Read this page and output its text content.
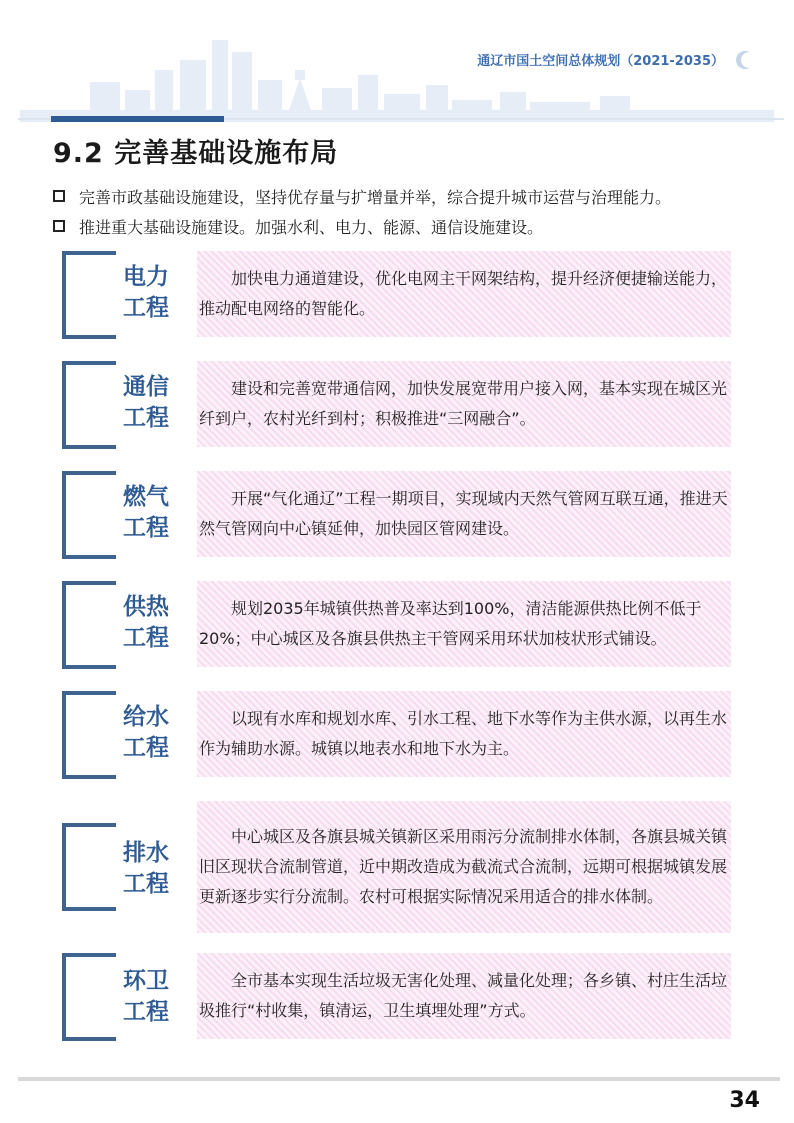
通辽市国土空间总体规划（2021-2035）
9.2 完善基础设施布局
完善市政基础设施建设，坚持优存量与扩增量并举，综合提升城市运营与治理能力。
推进重大基础设施建设。加强水利、电力、能源、通信设施建设。
电力
工程
加快电力通道建设，优化电网主干网架结构，提升经济便捷输送能力，推动配电网络的智能化。
通信
工程
建设和完善宽带通信网，加快发展宽带用户接入网，基本实现在城区光纤到户，农村光纤到村；积极推进“三网融合”。
燃气
工程
开展“气化通辽”工程一期项目，实现域内天然气管网互联互通，推进天然气管网向中心镇延伸，加快园区管网建设。
供热
工程
规划2035年城镇供热普及率达到100%，清洁能源供热比例不低于20%；中心城区及各旗县供热主干管网采用环状加枝状形式铺设。
给水
工程
以现有水库和规划水库、引水工程、地下水等作为主供水源，以再生水作为辅助水源。城镇以地表水和地下水为主。
排水
工程
中心城区及各旗县城关镇新区采用雨污分流制排水体制，各旗县城关镇旧区现状合流制管道，近中期改造成为截流式合流制，远期可根据城镇发展更新逐步实行分流制。农村可根据实际情况采用适合的排水体制。
环卫
工程
全市基本实现生活垃圾无害化处理、减量化处理；各乡镇、村庄生活垃圾推行“村收集，镇清运，卫生填埋处理”方式。
34
